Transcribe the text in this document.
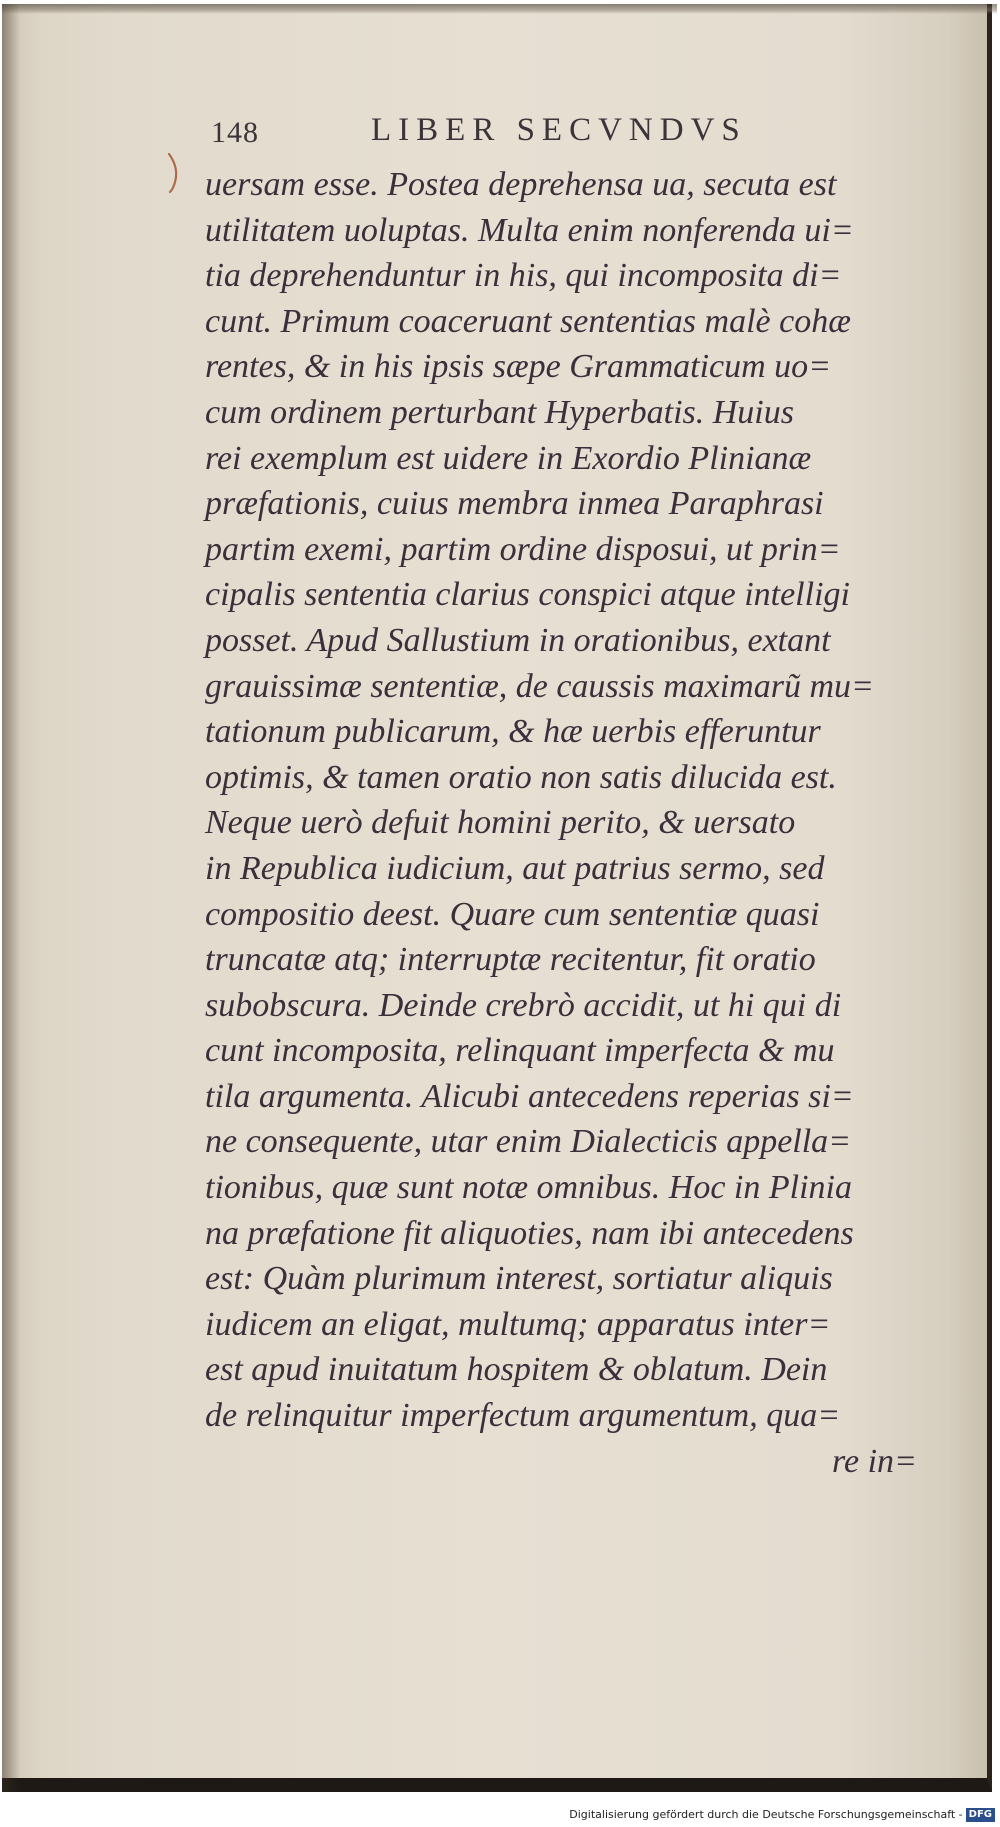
148	LIBER SECVNDVS
uersam esse. Postea deprehensa ua, secuta est
utilitatem uoluptas. Multa enim nonferenda ui=
tia deprehenduntur in his, qui incomposita di=
cunt. Primum coaceruant sententias malè cohæ
rentes, & in his ipsis sæpe Grammaticum uo=
cum ordinem perturbant Hyperbatis. Huius
rei exemplum est uidere in Exordio Plinianæ
præfationis, cuius membra inmea Paraphrasi
partim exemi, partim ordine disposui, ut prin=
cipalis sententia clarius conspici atque intelligi
posset. Apud Sallustium in orationibus, extant
grauissimæ sententiæ, de caussis maximarũ mu=
tationum publicarum, & hæ uerbis efferuntur
optimis, & tamen oratio non satis dilucida est.
Neque uerò defuit homini perito, & uersato
in Republica iudicium, aut patrius sermo, sed
compositio deest. Quare cum sententiæ quasi
truncatæ atq; interruptæ recitentur, fit oratio
subobscura. Deinde crebrò accidit, ut hi qui di
cunt incomposita, relinquant imperfecta & mu
tila argumenta. Alicubi antecedens reperias si=
ne consequente, utar enim Dialecticis appella=
tionibus, quæ sunt notæ omnibus. Hoc in Plinia
na præfatione fit aliquoties, nam ibi antecedens
est: Quàm plurimum interest, sortiatur aliquis
iudicem an eligat, multumq; apparatus inter=
est apud inuitatum hospitem & oblatum. Dein
de relinquitur imperfectum argumentum, qua=
re in=
Digitalisierung gefördert durch die Deutsche Forschungsgemeinschaft - DFG
